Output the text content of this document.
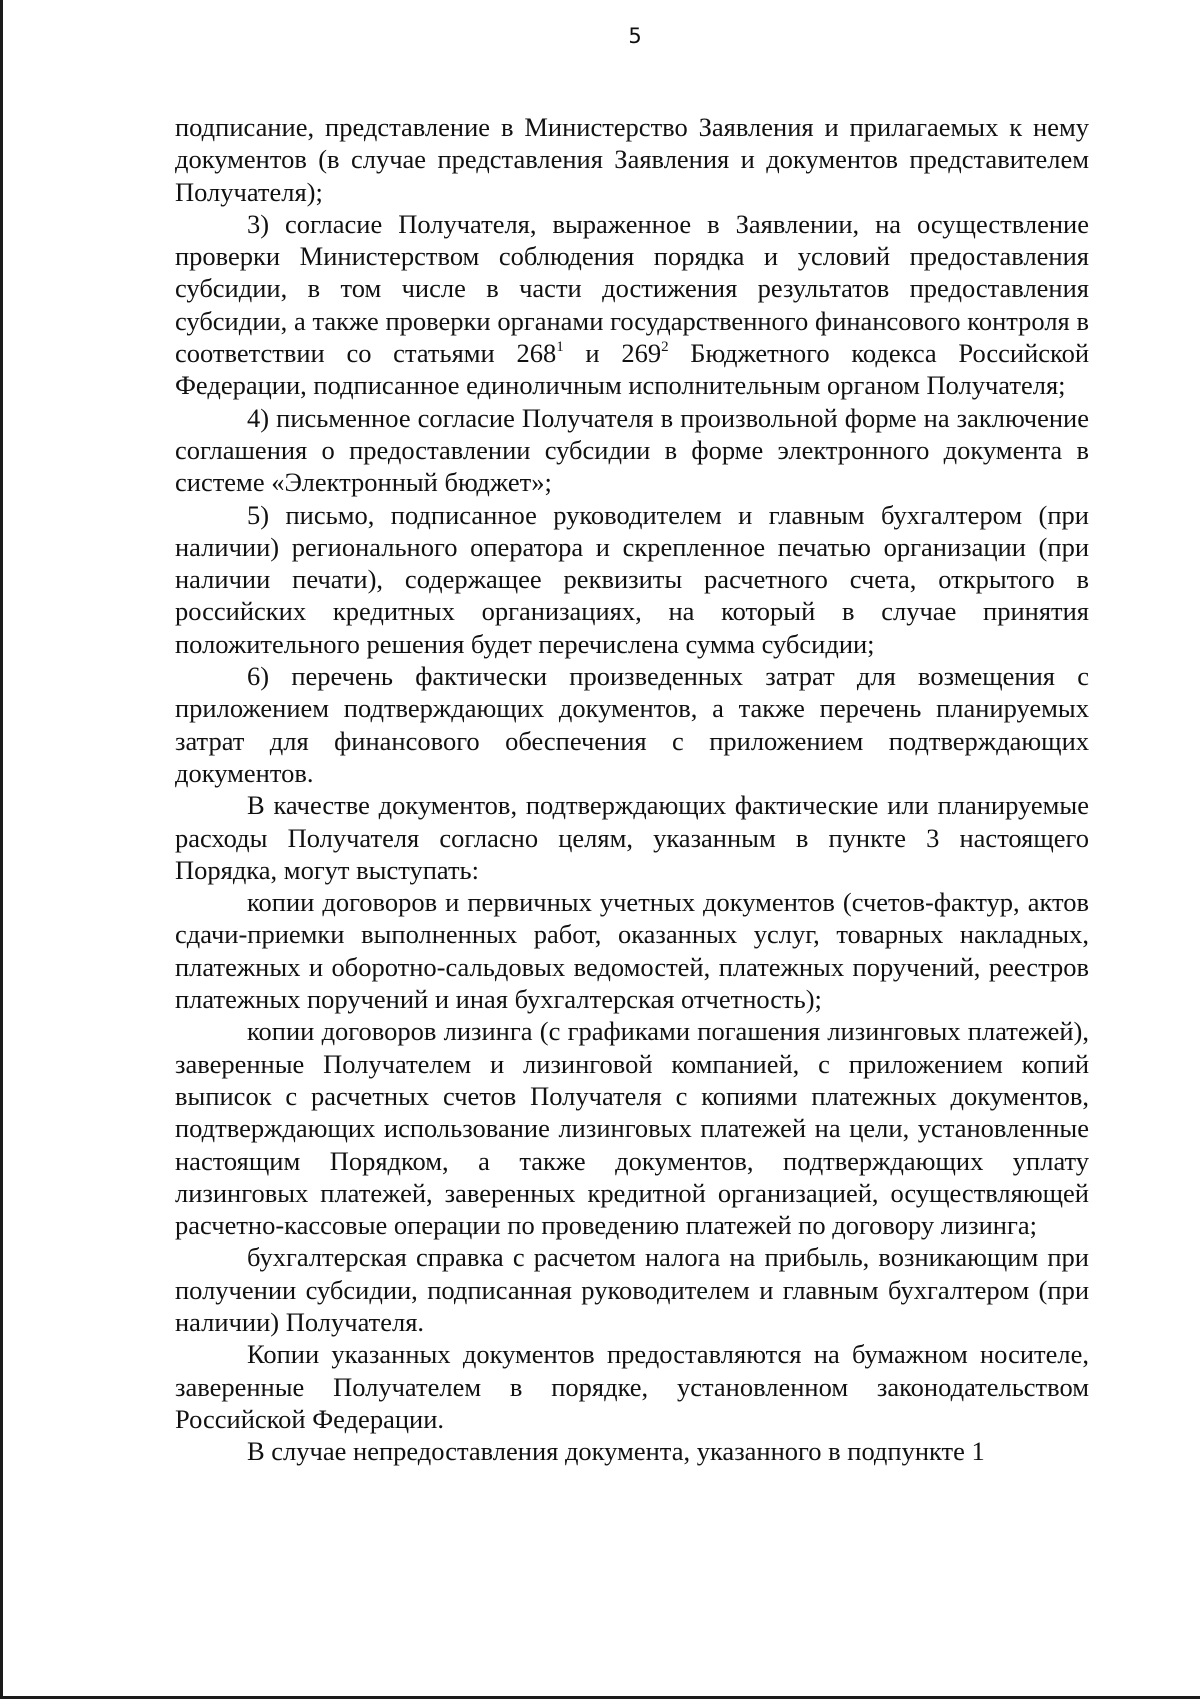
5

подписание, представление в Министерство Заявления и прилагаемых к нему документов (в случае представления Заявления и документов представителем Получателя);

3) согласие Получателя, выраженное в Заявлении, на осуществление проверки Министерством соблюдения порядка и условий предоставления субсидии, в том числе в части достижения результатов предоставления субсидии, а также проверки органами государственного финансового контроля в соответствии со статьями $268^1$ и $269^2$ Бюджетного кодекса Российской Федерации, подписанное единоличным исполнительным органом Получателя;

4) письменное согласие Получателя в произвольной форме на заключение соглашения о предоставлении субсидии в форме электронного документа в системе «Электронный бюджет»;

5) письмо, подписанное руководителем и главным бухгалтером (при наличии) регионального оператора и скрепленное печатью организации (при наличии печати), содержащее реквизиты расчетного счета, открытого в российских кредитных организациях, на который в случае принятия положительного решения будет перечислена сумма субсидии;

6) перечень фактически произведенных затрат для возмещения с приложением подтверждающих документов, а также перечень планируемых затрат для финансового обеспечения с приложением подтверждающих документов.

В качестве документов, подтверждающих фактические или планируемые расходы Получателя согласно целям, указанным в пункте 3 настоящего Порядка, могут выступать:

копии договоров и первичных учетных документов (счетов-фактур, актов сдачи-приемки выполненных работ, оказанных услуг, товарных накладных, платежных и оборотно-сальдовых ведомостей, платежных поручений, реестров платежных поручений и иная бухгалтерская отчетность);

копии договоров лизинга (с графиками погашения лизинговых платежей), заверенные Получателем и лизинговой компанией, с приложением копий выписок с расчетных счетов Получателя с копиями платежных документов, подтверждающих использование лизинговых платежей на цели, установленные настоящим Порядком, а также документов, подтверждающих уплату лизинговых платежей, заверенных кредитной организацией, осуществляющей расчетно-кассовые операции по проведению платежей по договору лизинга;

бухгалтерская справка с расчетом налога на прибыль, возникающим при получении субсидии, подписанная руководителем и главным бухгалтером (при наличии) Получателя.

Копии указанных документов предоставляются на бумажном носителе, заверенные Получателем в порядке, установленном законодательством Российской Федерации.

В случае непредоставления документа, указанного в подпункте 1
